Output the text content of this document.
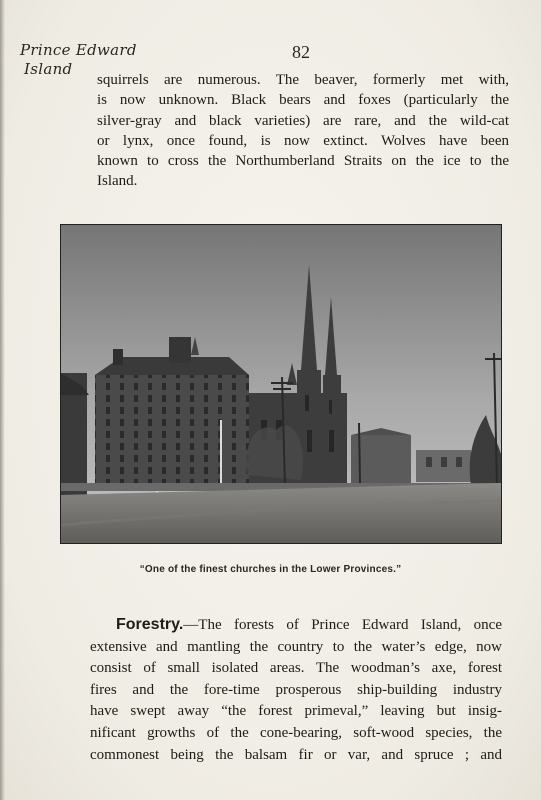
Prince Edward
Island
82

squirrels are numerous. The beaver, formerly met with,
is now unknown. Black bears and foxes (particularly the
silver-gray and black varieties) are rare, and the wild-cat
or lynx, once found, is now extinct. Wolves have been
known to cross the Northumberland Straits on the ice to the
Island.

“One of the finest churches in the Lower Provinces.”

Forestry.—The forests of Prince Edward Island, once
extensive and mantling the country to the water’s edge, now
consist of small isolated areas. The woodman’s axe, forest
fires and the fore-time prosperous ship-building industry
have swept away “the forest primeval,” leaving but insig-
nificant growths of the cone-bearing, soft-wood species, the
commonest being the balsam fir or var, and spruce ; and
